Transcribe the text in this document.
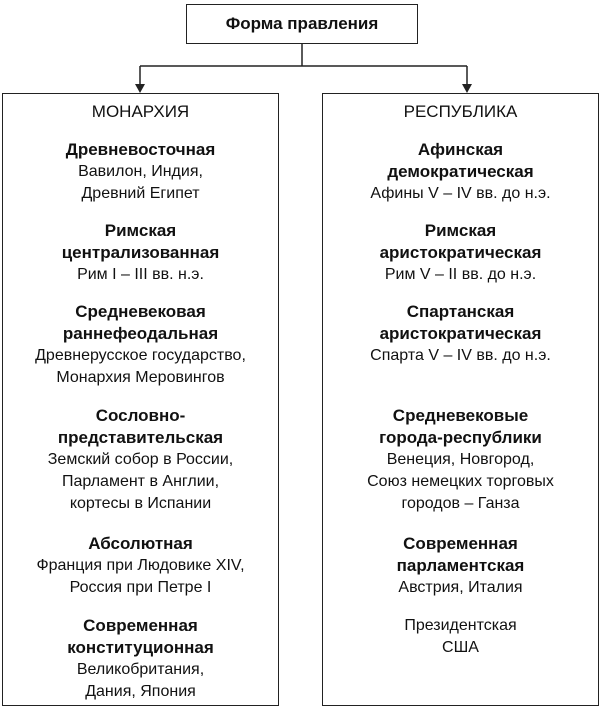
Форма правления
МОНАРХИЯ
Древневосточная
Вавилон, Индия,
Древний Египет
Римская
централизованная
Рим I – III вв. н.э.
Средневековая
раннефеодальная
Древнерусское государство,
Монархия Меровингов
Сословно-
представительская
Земский собор в России,
Парламент в Англии,
кортесы в Испании
Абсолютная
Франция при Людовике XIV,
Россия при Петре I
Современная
конституционная
Великобритания,
Дания, Япония
РЕСПУБЛИКА
Афинская
демократическая
Афины V – IV вв. до н.э.
Римская
аристократическая
Рим V – II вв. до н.э.
Спартанская
аристократическая
Спарта V – IV вв. до н.э.
Средневековые
города-республики
Венеция, Новгород,
Союз немецких торговых
городов – Ганза
Современная
парламентская
Австрия, Италия
Президентская
США
